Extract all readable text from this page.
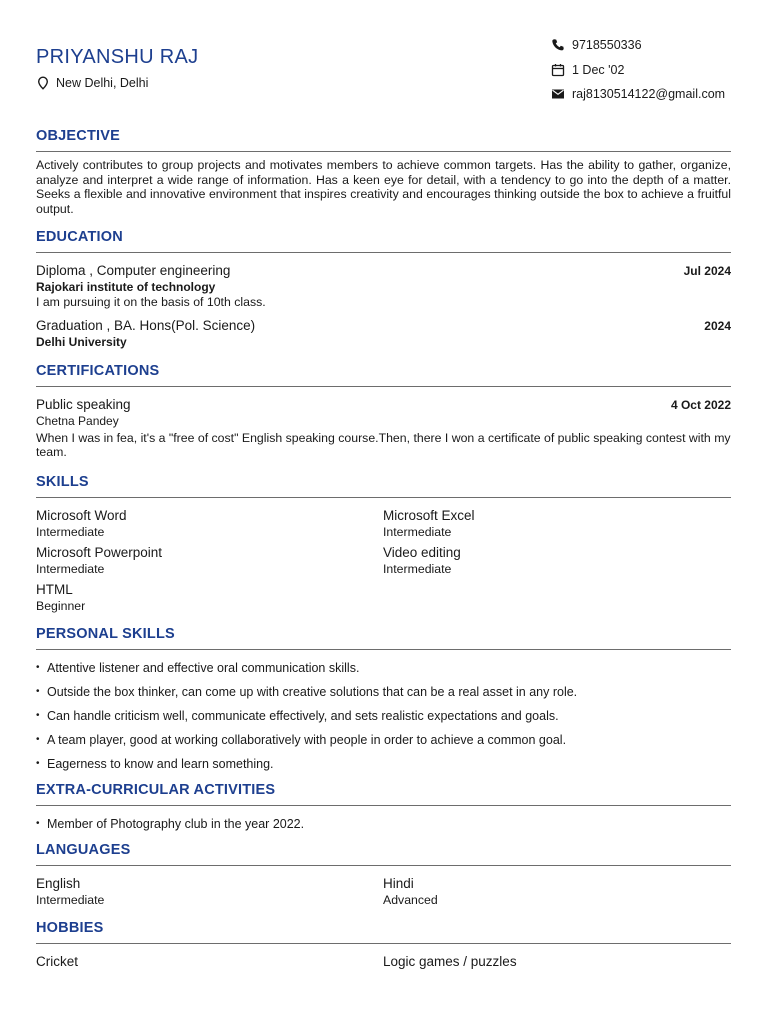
PRIYANSHU RAJ
New Delhi, Delhi
9718550336
1 Dec '02
raj8130514122@gmail.com
OBJECTIVE
Actively contributes to group projects and motivates members to achieve common targets. Has the ability to gather, organize, analyze and interpret a wide range of information. Has a keen eye for detail, with a tendency to go into the depth of a matter. Seeks a flexible and innovative environment that inspires creativity and encourages thinking outside the box to achieve a fruitful output.
EDUCATION
Diploma , Computer engineering	Jul 2024
Rajokari institute of technology
I am pursuing it on the basis of 10th class.
Graduation , BA. Hons(Pol. Science)	2024
Delhi University
CERTIFICATIONS
Public speaking	4 Oct 2022
Chetna Pandey
When I was in fea, it's a "free of cost" English speaking course.Then, there I won a certificate of public speaking contest with my team.
SKILLS
Microsoft Word
Intermediate
Microsoft Excel
Intermediate
Microsoft Powerpoint
Intermediate
Video editing
Intermediate
HTML
Beginner
PERSONAL SKILLS
• Attentive listener and effective oral communication skills.
• Outside the box thinker, can come up with creative solutions that can be a real asset in any role.
• Can handle criticism well, communicate effectively, and sets realistic expectations and goals.
• A team player, good at working collaboratively with people in order to achieve a common goal.
• Eagerness to know and learn something.
EXTRA-CURRICULAR ACTIVITIES
• Member of Photography club in the year 2022.
LANGUAGES
English
Intermediate
Hindi
Advanced
HOBBIES
Cricket	Logic games / puzzles
